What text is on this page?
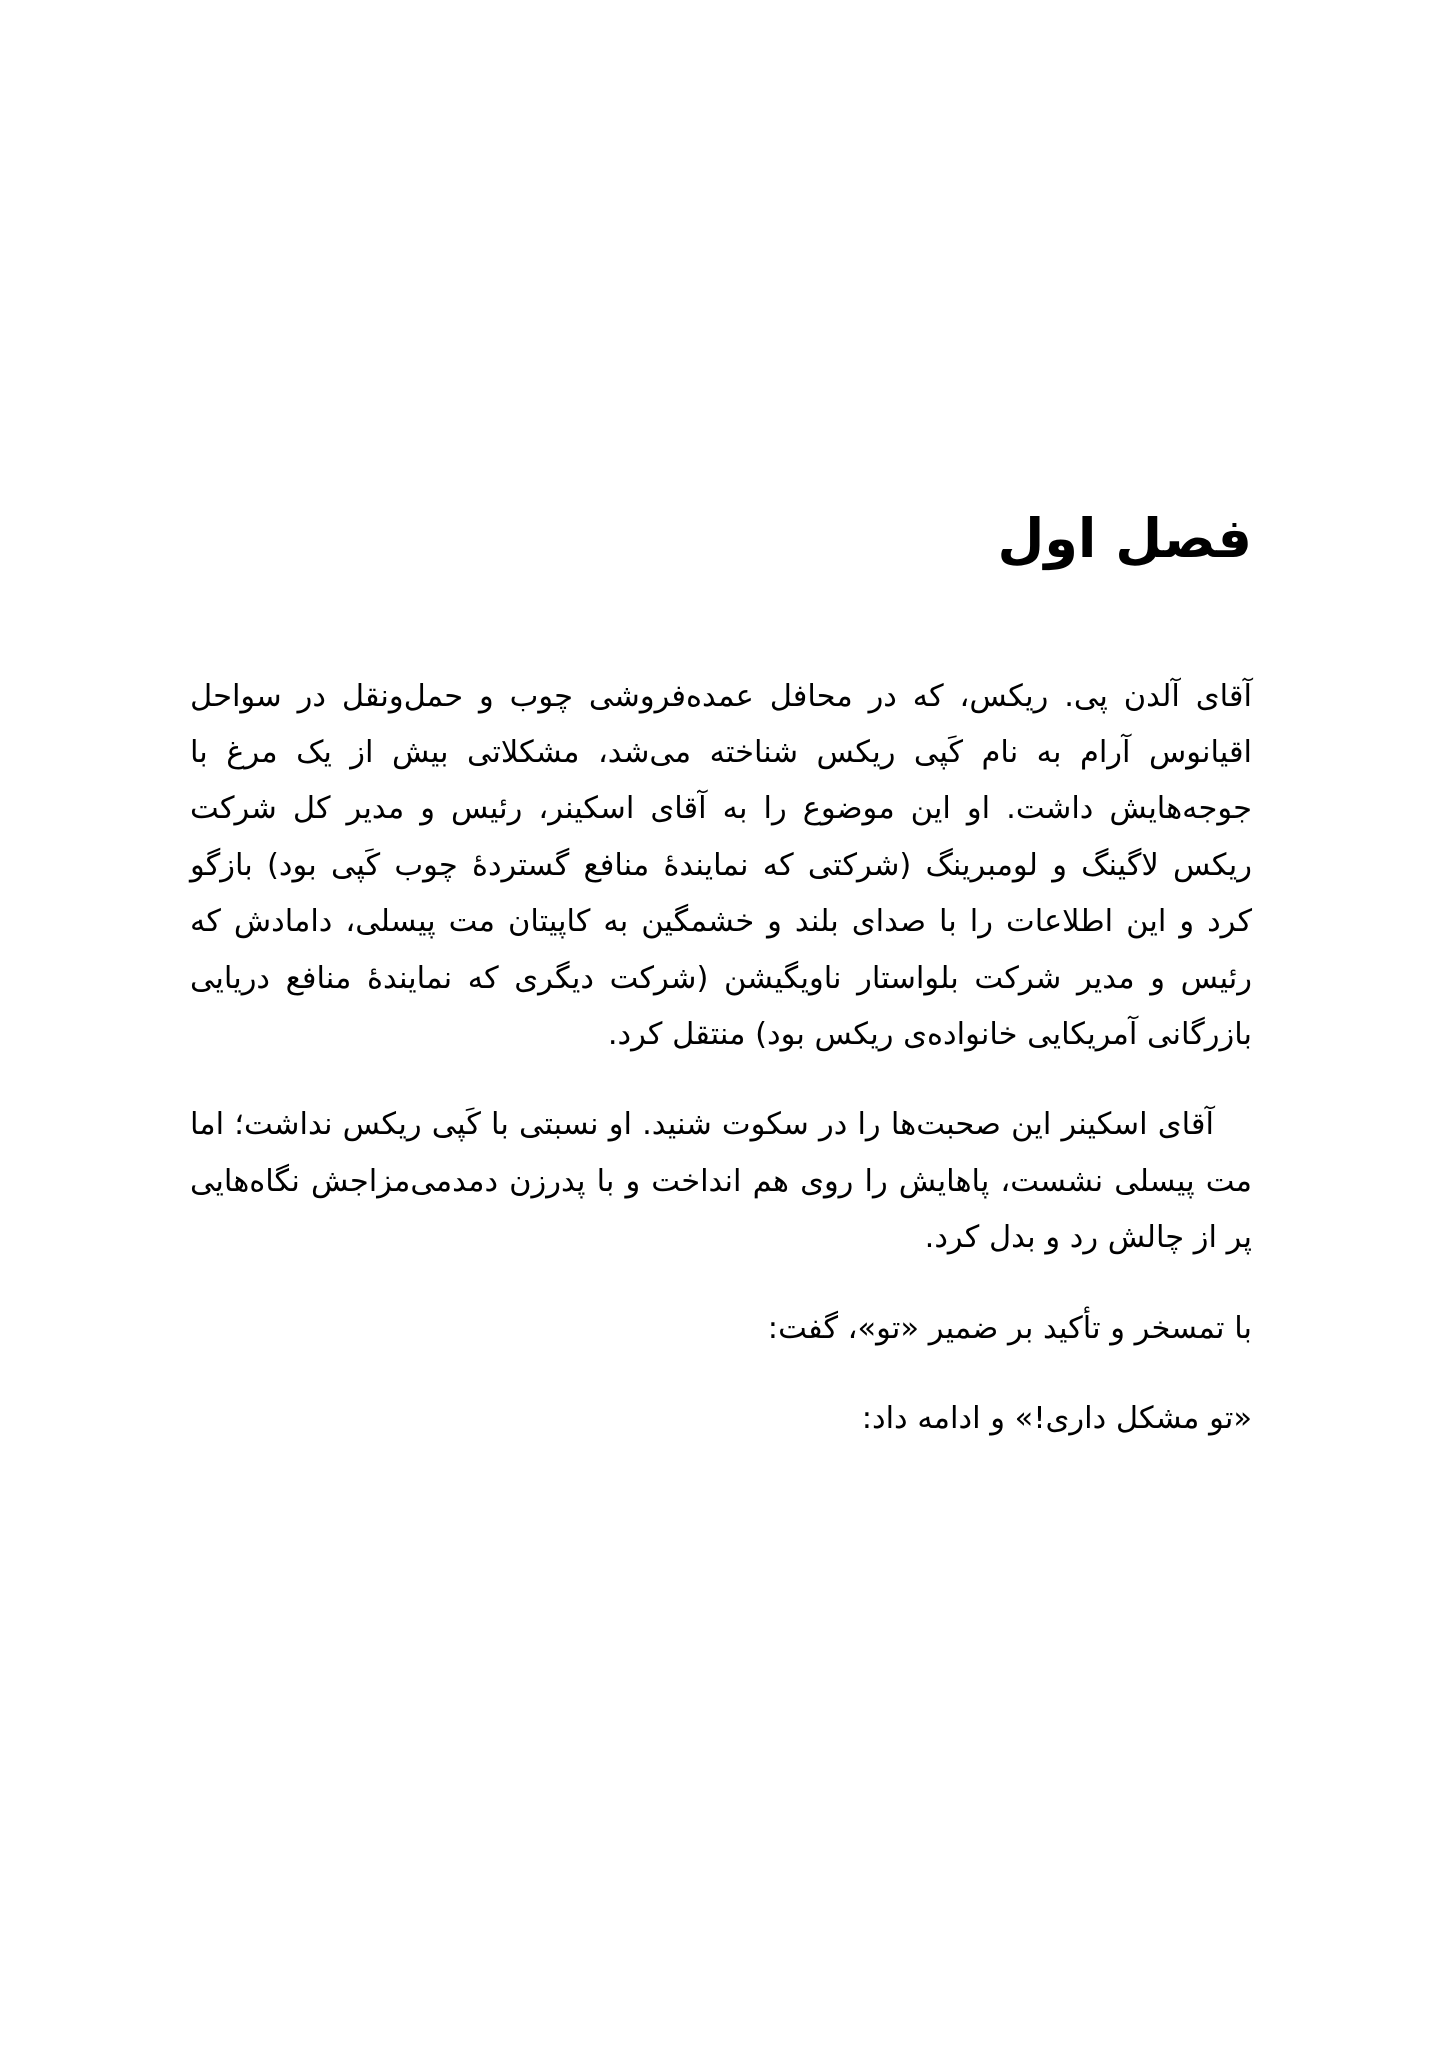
فصل اول

آقای آلدن پی. ریکس، که در محافل عمده‌فروشی چوب و حمل‌ونقل در سواحل اقیانوس آرام به نام کَپی ریکس شناخته می‌شد، مشکلاتی بیش از یک مرغ با جوجه‌هایش داشت. او این موضوع را به آقای اسکینر، رئیس و مدیر کل شرکت ریکس لاگینگ و لومبرینگ (شرکتی که نمایندهٔ منافع گستردهٔ چوب کَپی بود) بازگو کرد و این اطلاعات را با صدای بلند و خشمگین به کاپیتان مت پیسلی، دامادش که رئیس و مدیر شرکت بلواستار ناویگیشن (شرکت دیگری که نمایندهٔ منافع دریایی بازرگانی آمریکایی خانواده‌ی ریکس بود) منتقل کرد.

آقای اسکینر این صحبت‌ها را در سکوت شنید. او نسبتی با کَپی ریکس نداشت؛ اما مت پیسلی نشست، پاهایش را روی هم انداخت و با پدرزن دمدمی‌مزاجش نگاه‌هایی پر از چالش رد و بدل کرد.

با تمسخر و تأکید بر ضمیر «تو»، گفت:

«تو مشکل داری!» و ادامه داد:
